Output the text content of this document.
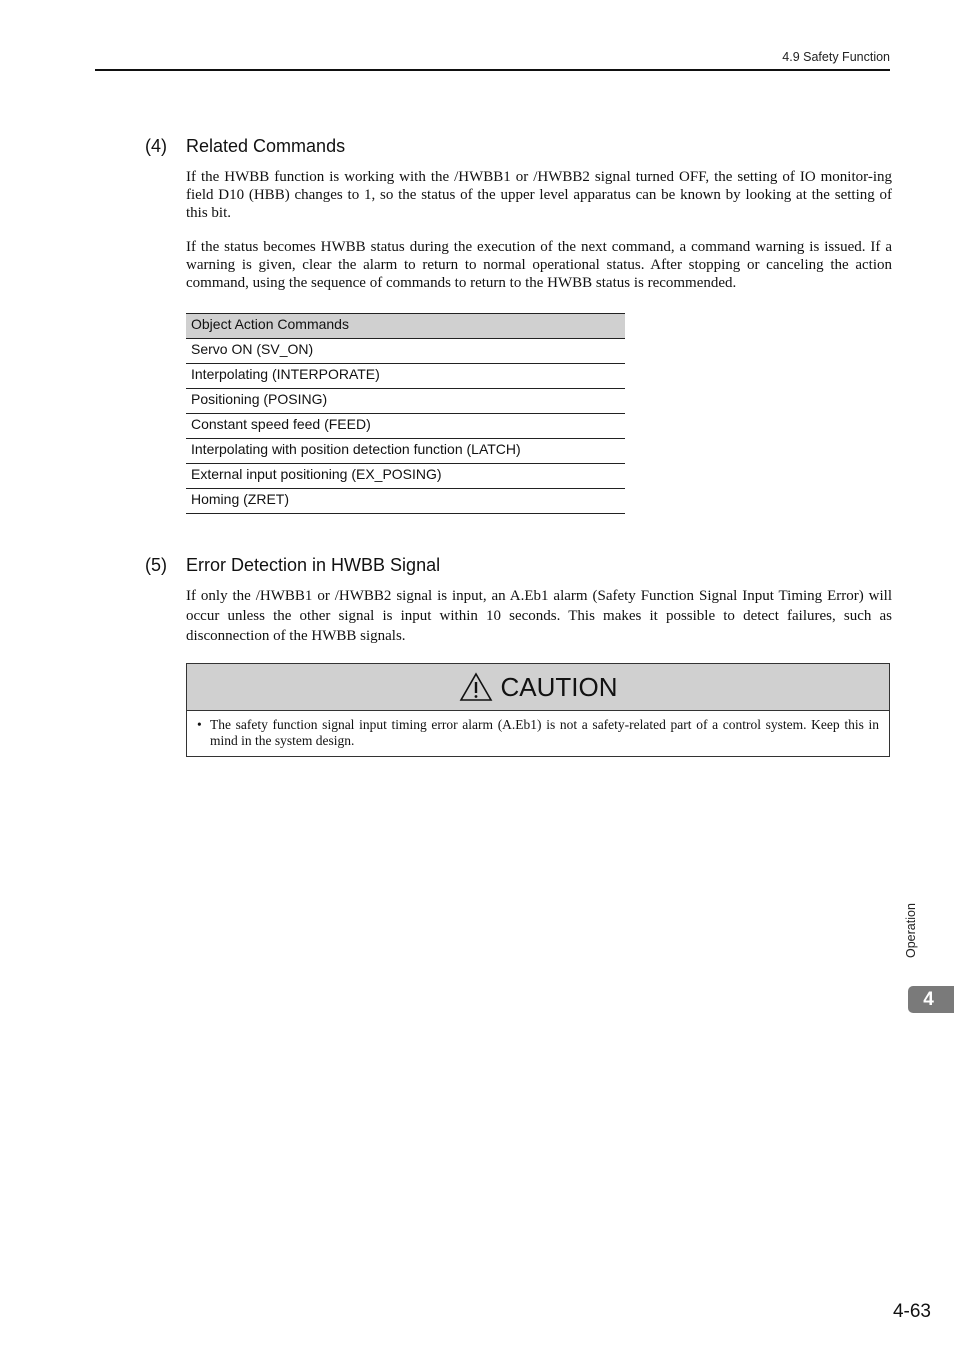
4.9 Safety Function
(4) Related Commands

If the HWBB function is working with the /HWBB1 or /HWBB2 signal turned OFF, the setting of IO monitor-ing field D10 (HBB) changes to 1, so the status of the upper level apparatus can be known by looking at the setting of this bit.

If the status becomes HWBB status during the execution of the next command, a command warning is issued. If a warning is given, clear the alarm to return to normal operational status. After stopping or canceling the action command, using the sequence of commands to return to the HWBB status is recommended.

Object Action Commands
Servo ON (SV_ON)
Interpolating (INTERPORATE)
Positioning (POSING)
Constant speed feed (FEED)
Interpolating with position detection function (LATCH)
External input positioning (EX_POSING)
Homing (ZRET)
(5) Error Detection in HWBB Signal

If only the /HWBB1 or /HWBB2 signal is input, an A.Eb1 alarm (Safety Function Signal Input Timing Error) will occur unless the other signal is input within 10 seconds. This makes it possible to detect failures, such as disconnection of the HWBB signals.

CAUTION
• The safety function signal input timing error alarm (A.Eb1) is not a safety-related part of a control system. Keep this in mind in the system design.
Operation
4
4-63
